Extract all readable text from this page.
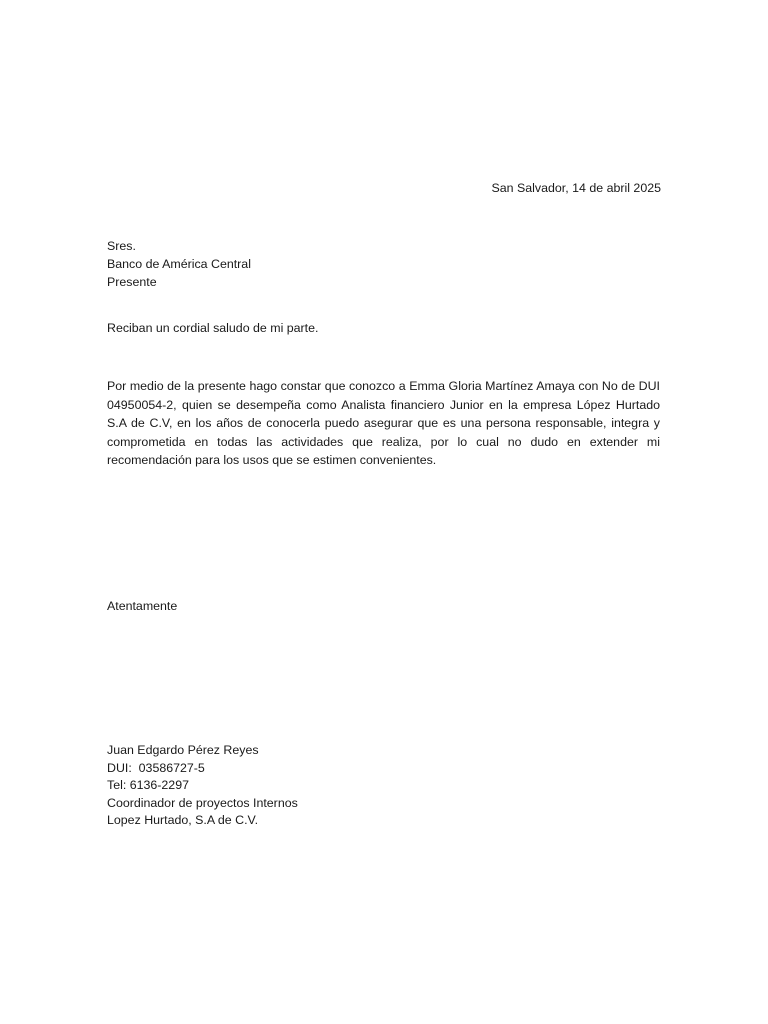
San Salvador, 14 de abril 2025
Sres.
Banco de América Central
Presente
Reciban un cordial saludo de mi parte.

Por medio de la presente hago constar que conozco a Emma Gloria Martínez Amaya con No de DUI 04950054-2, quien se desempeña como Analista financiero Junior en la empresa López Hurtado S.A de C.V, en los años de conocerla puedo asegurar que es una persona responsable, integra y comprometida en todas las actividades que realiza, por lo cual no dudo en extender mi recomendación para los usos que se estimen convenientes.

Atentamente
Juan Edgardo Pérez Reyes
DUI:  03586727-5
Tel: 6136-2297
Coordinador de proyectos Internos
Lopez Hurtado, S.A de C.V.
